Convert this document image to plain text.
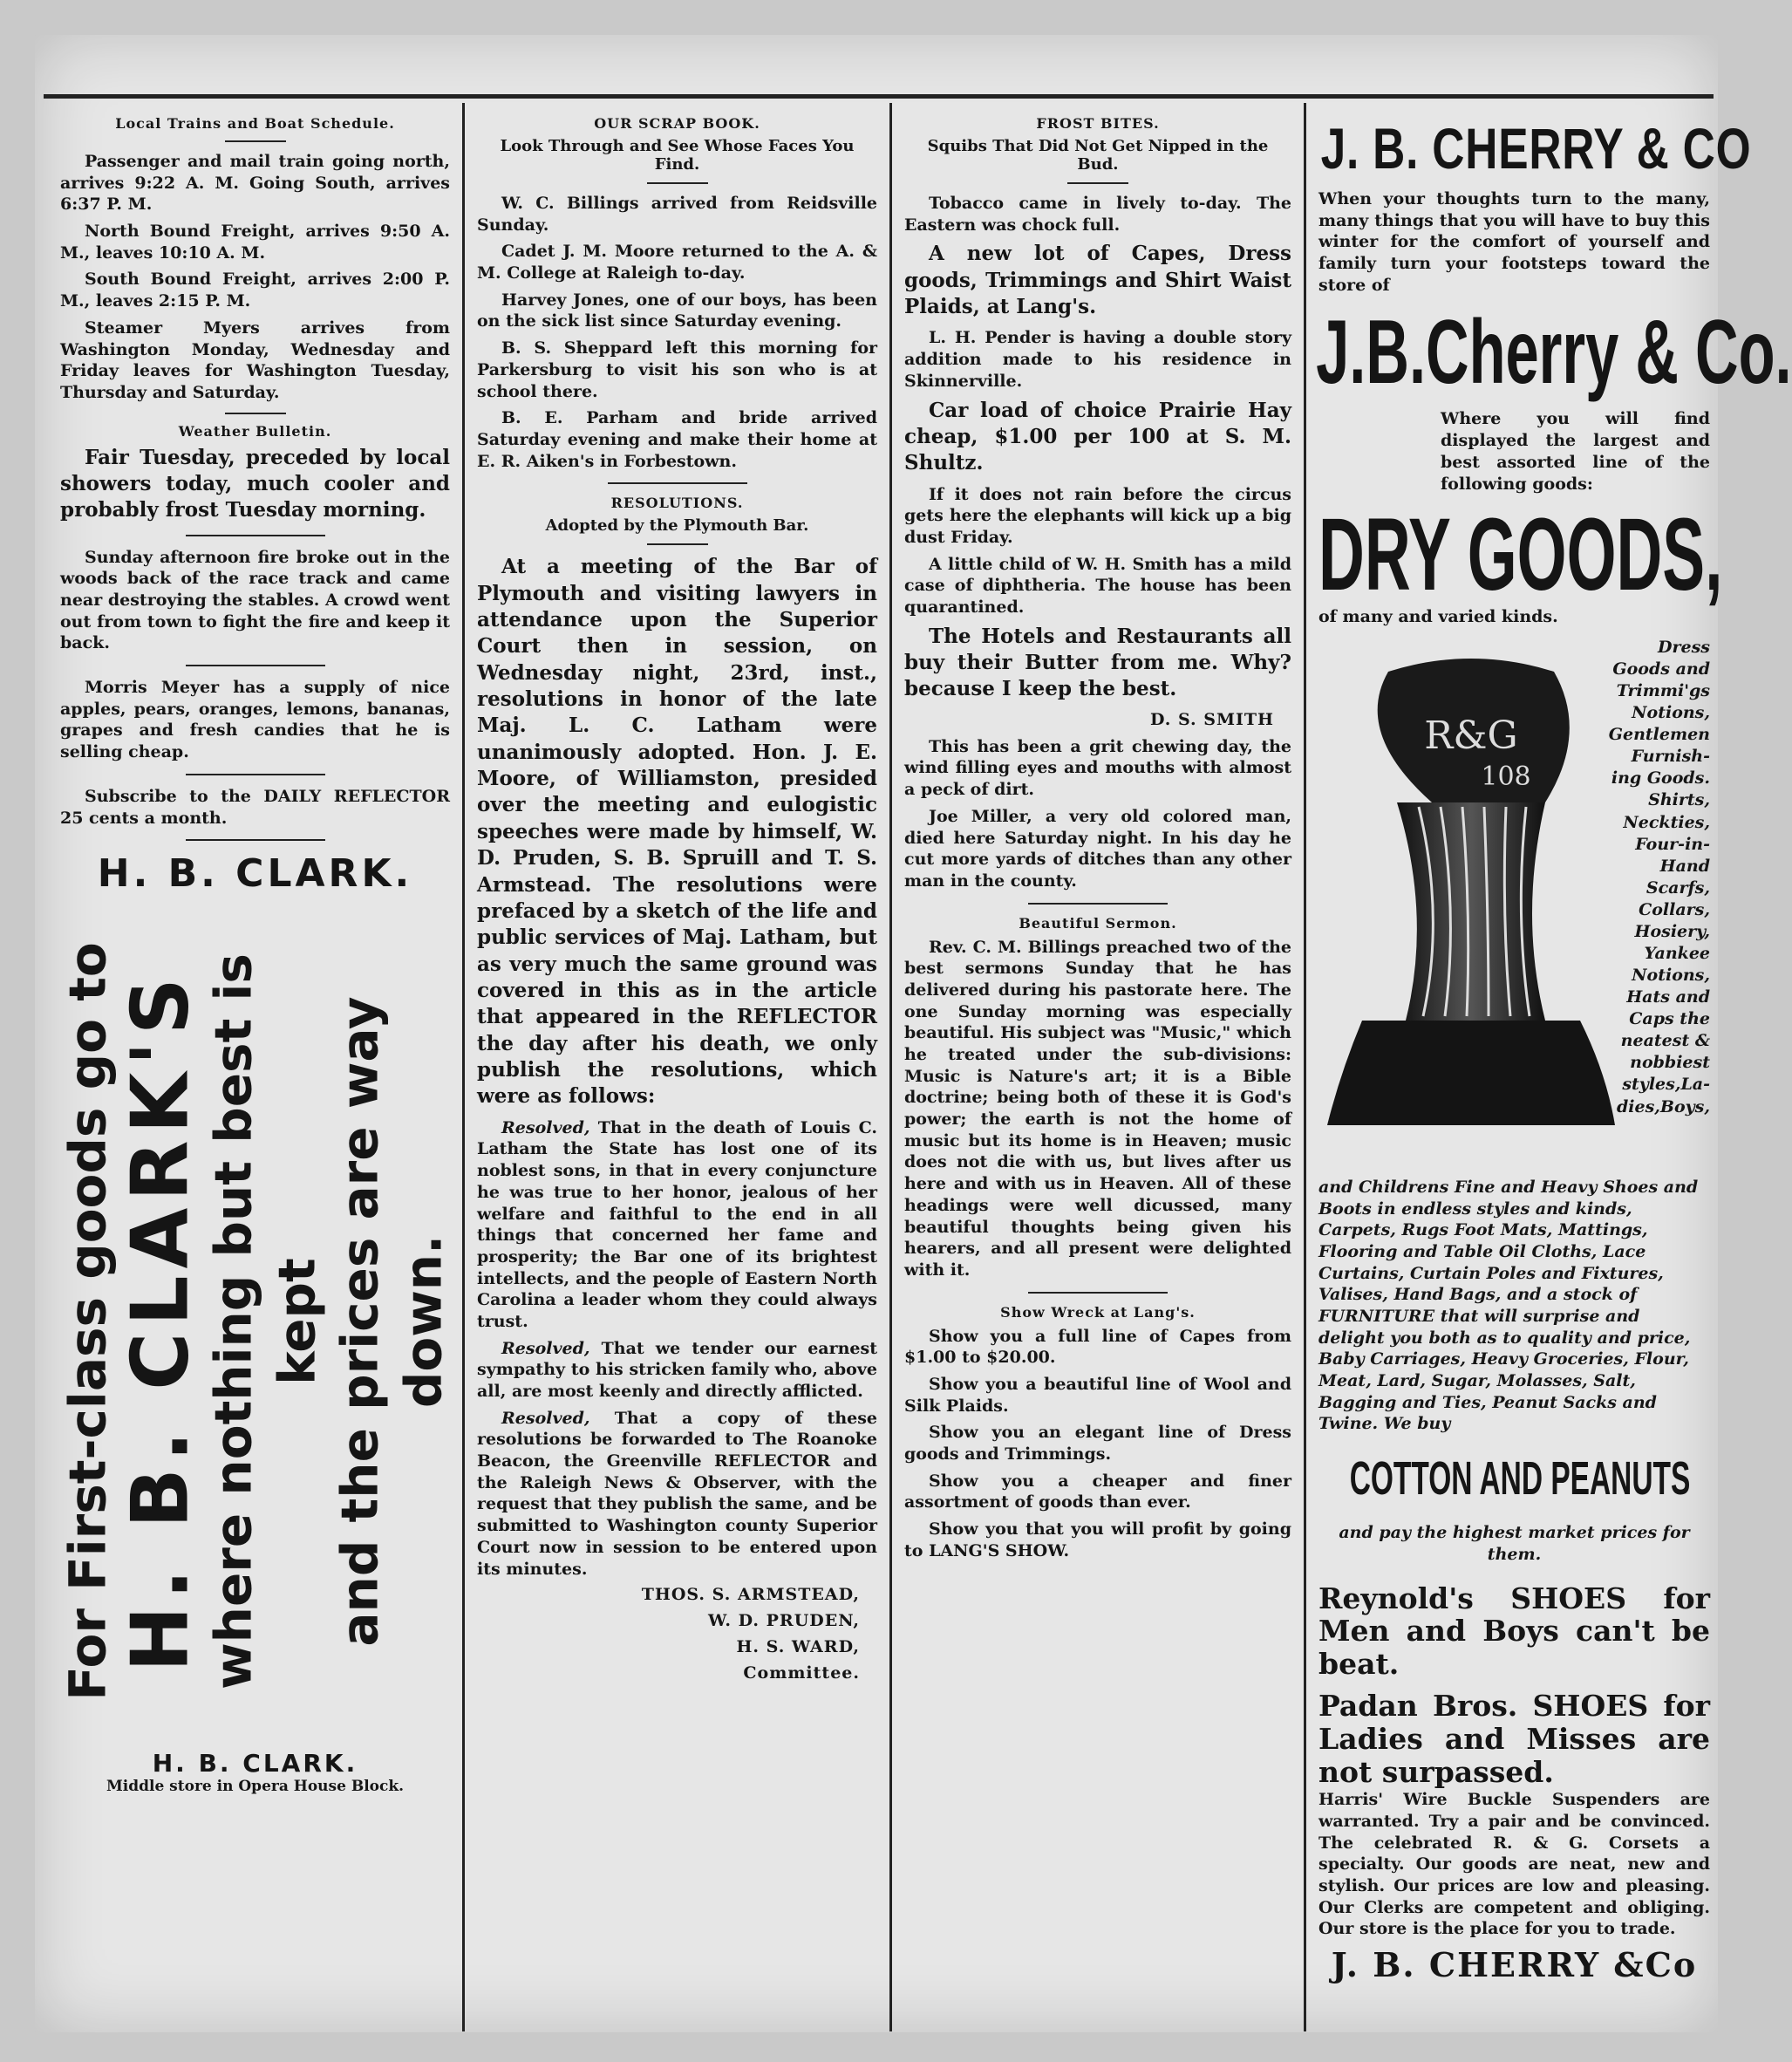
Local Trains and Boat Schedule.

Passenger and mail train going north, arrives 9:22 A. M. Going South, arrives 6:37 P. M.

North Bound Freight, arrives 9:50 A. M., leaves 10:10 A. M.

South Bound Freight, arrives 2:00 P. M., leaves 2:15 P. M.

Steamer Myers arrives from Washington Monday, Wednesday and Friday leaves for Washington Tuesday, Thursday and Saturday.

Weather Bulletin.

Fair Tuesday, preceded by local showers today, much cooler and probably frost Tuesday morning.

Sunday afternoon fire broke out in the woods back of the race track and came near destroying the stables. A crowd went out from town to fight the fire and keep it back.

Morris Meyer has a supply of nice apples, pears, oranges, lemons, bananas, grapes and fresh candies that he is selling cheap.

Subscribe to the DAILY REFLECTOR 25 cents a month.

H. B. CLARK.
For First-class goods go to
H. B. CLARK'S
where nothing but best is kept and the prices are way down.
H. B. CLARK.
Middle store in Opera House Block.
OUR SCRAP BOOK.
Look Through and See Whose Faces You Find.

W. C. Billings arrived from Reidsville Sunday.

Cadet J. M. Moore returned to the A. & M. College at Raleigh to-day.

Harvey Jones, one of our boys, has been on the sick list since Saturday evening.

B. S. Sheppard left this morning for Parkersburg to visit his son who is at school there.

B. E. Parham and bride arrived Saturday evening and make their home at E. R. Aiken's in Forbestown.

RESOLUTIONS.
Adopted by the Plymouth Bar.

At a meeting of the Bar of Plymouth and visiting lawyers in attendance upon the Superior Court then in session, on Wednesday night, 23rd, inst., resolutions in honor of the late Maj. L. C. Latham were unanimously adopted. Hon. J. E. Moore, of Williamston, presided over the meeting and eulogistic speeches were made by himself, W. D. Pruden, S. B. Spruill and T. S. Armstead. The resolutions were prefaced by a sketch of the life and public services of Maj. Latham, but as very much the same ground was covered in this as in the article that appeared in the REFLECTOR the day after his death, we only publish the resolutions, which were as follows:

Resolved, That in the death of Louis C. Latham the State has lost one of its noblest sons, in that in every conjuncture he was true to her honor, jealous of her welfare and faithful to the end in all things that concerned her fame and prosperity; the Bar one of its brightest intellects, and the people of Eastern North Carolina a leader whom they could always trust.

Resolved, That we tender our earnest sympathy to his stricken family who, above all, are most keenly and directly afflicted.

Resolved, That a copy of these resolutions be forwarded to The Roanoke Beacon, the Greenville REFLECTOR and the Raleigh News & Observer, with the request that they publish the same, and be submitted to Washington county Superior Court now in session to be entered upon its minutes.

THOS. S. ARMSTEAD,
W. D. PRUDEN,
H. S. WARD,
Committee.
FROST BITES.
Squibs That Did Not Get Nipped in the Bud.

Tobacco came in lively to-day. The Eastern was chock full.

A new lot of Capes, Dress goods, Trimmings and Shirt Waist Plaids, at Lang's.

L. H. Pender is having a double story addition made to his residence in Skinnerville.

Car load of choice Prairie Hay cheap, $1.00 per 100 at S. M. Shultz.

If it does not rain before the circus gets here the elephants will kick up a big dust Friday.

A little child of W. H. Smith has a mild case of diphtheria. The house has been quarantined.

The Hotels and Restaurants all buy their Butter from me. Why? because I keep the best.

D. S. SMITH

This has been a grit chewing day, the wind filling eyes and mouths with almost a peck of dirt.

Joe Miller, a very old colored man, died here Saturday night. In his day he cut more yards of ditches than any other man in the county.

Beautiful Sermon.

Rev. C. M. Billings preached two of the best sermons Sunday that he has delivered during his pastorate here. The one Sunday morning was especially beautiful. His subject was "Music," which he treated under the sub-divisions: Music is Nature's art; it is a Bible doctrine; being both of these it is God's power; the earth is not the home of music but its home is in Heaven; music does not die with us, but lives after us here and with us in Heaven. All of these headings were well dicussed, many beautiful thoughts being given his hearers, and all present were delighted with it.

Show Wreck at Lang's.

Show you a full line of Capes from $1.00 to $20.00.

Show you a beautiful line of Wool and Silk Plaids.

Show you an elegant line of Dress goods and Trimmings.

Show you a cheaper and finer assortment of goods than ever.

Show you that you will profit by going to LANG'S SHOW.

J. B. CHERRY & CO

When your thoughts turn to the many, many things that you will have to buy this winter for the comfort of yourself and family turn your footsteps toward the store of

J.B.Cherry & Co.

Where you will find displayed the largest and best assorted line of the following goods:

DRY GOODS,

of many and varied kinds.

R&G
108
Dress
Goods and
Trimmi'gs
Notions,
Gentlemen
Furnish-
ing Goods.
Shirts,
Neckties,
Four-in-
Hand
Scarfs,
Collars,
Hosiery,
Yankee
Notions,
Hats and
Caps the
neatest &
nobbiest
styles,La-
dies,Boys,

and Childrens Fine and Heavy Shoes and Boots in endless styles and kinds, Carpets, Rugs Foot Mats, Mattings, Flooring and Table Oil Cloths, Lace Curtains, Curtain Poles and Fixtures, Valises, Hand Bags, and a stock of FURNITURE that will surprise and delight you both as to quality and price, Baby Carriages, Heavy Groceries, Flour, Meat, Lard, Sugar, Molasses, Salt, Bagging and Ties, Peanut Sacks and Twine. We buy

COTTON AND PEANUTS

and pay the highest market prices for them.

Reynold's SHOES for Men and Boys can't be beat.

Padan Bros. SHOES for Ladies and Misses are not surpassed.

Harris' Wire Buckle Suspenders are warranted. Try a pair and be convinced. The celebrated R. & G. Corsets a specialty. Our goods are neat, new and stylish. Our prices are low and pleasing. Our Clerks are competent and obliging. Our store is the place for you to trade.

J. B. CHERRY &Co
